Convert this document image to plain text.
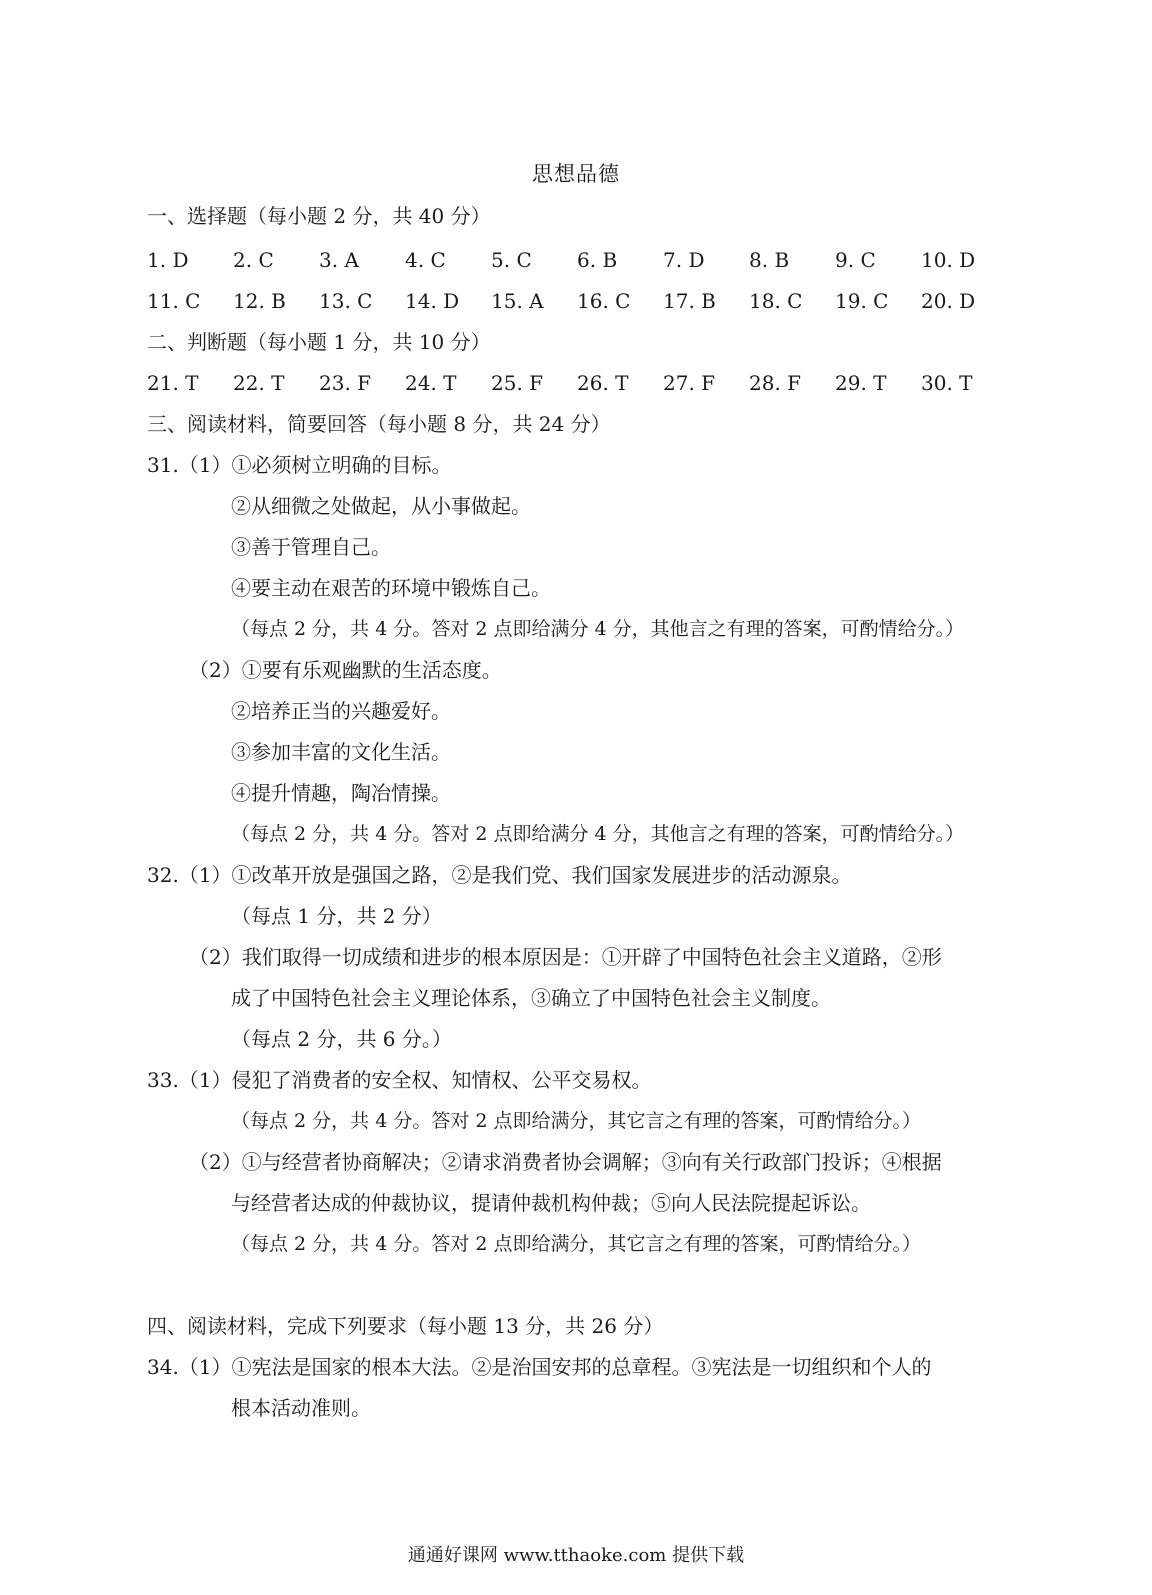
思想品德
一、选择题（每小题 2 分，共 40 分）
1. D 2. C 3. A 4. C 5. C 6. B 7. D 8. B 9. C 10. D
11. C 12. B 13. C 14. D 15. A 16. C 17. B 18. C 19. C 20. D
二、判断题（每小题 1 分，共 10 分）
21. T 22. T 23. F 24. T 25. F 26. T 27. F 28. F 29. T 30. T
三、阅读材料，简要回答（每小题 8 分，共 24 分）
31.（1）①必须树立明确的目标。
②从细微之处做起，从小事做起。
③善于管理自己。
④要主动在艰苦的环境中锻炼自己。
（每点 2 分，共 4 分。答对 2 点即给满分 4 分，其他言之有理的答案，可酌情给分。）
（2）①要有乐观幽默的生活态度。
②培养正当的兴趣爱好。
③参加丰富的文化生活。
④提升情趣，陶冶情操。
（每点 2 分，共 4 分。答对 2 点即给满分 4 分，其他言之有理的答案，可酌情给分。）
32.（1）①改革开放是强国之路，②是我们党、我们国家发展进步的活动源泉。
（每点 1 分，共 2 分）
（2）我们取得一切成绩和进步的根本原因是：①开辟了中国特色社会主义道路，②形
成了中国特色社会主义理论体系，③确立了中国特色社会主义制度。
（每点 2 分，共 6 分。）
33.（1）侵犯了消费者的安全权、知情权、公平交易权。
（每点 2 分，共 4 分。答对 2 点即给满分，其它言之有理的答案，可酌情给分。）
（2）①与经营者协商解决；②请求消费者协会调解；③向有关行政部门投诉；④根据
与经营者达成的仲裁协议，提请仲裁机构仲裁；⑤向人民法院提起诉讼。
（每点 2 分，共 4 分。答对 2 点即给满分，其它言之有理的答案，可酌情给分。）
四、阅读材料，完成下列要求（每小题 13 分，共 26 分）
34.（1）①宪法是国家的根本大法。②是治国安邦的总章程。③宪法是一切组织和个人的
根本活动准则。
通通好课网 www.tthaoke.com 提供下载
